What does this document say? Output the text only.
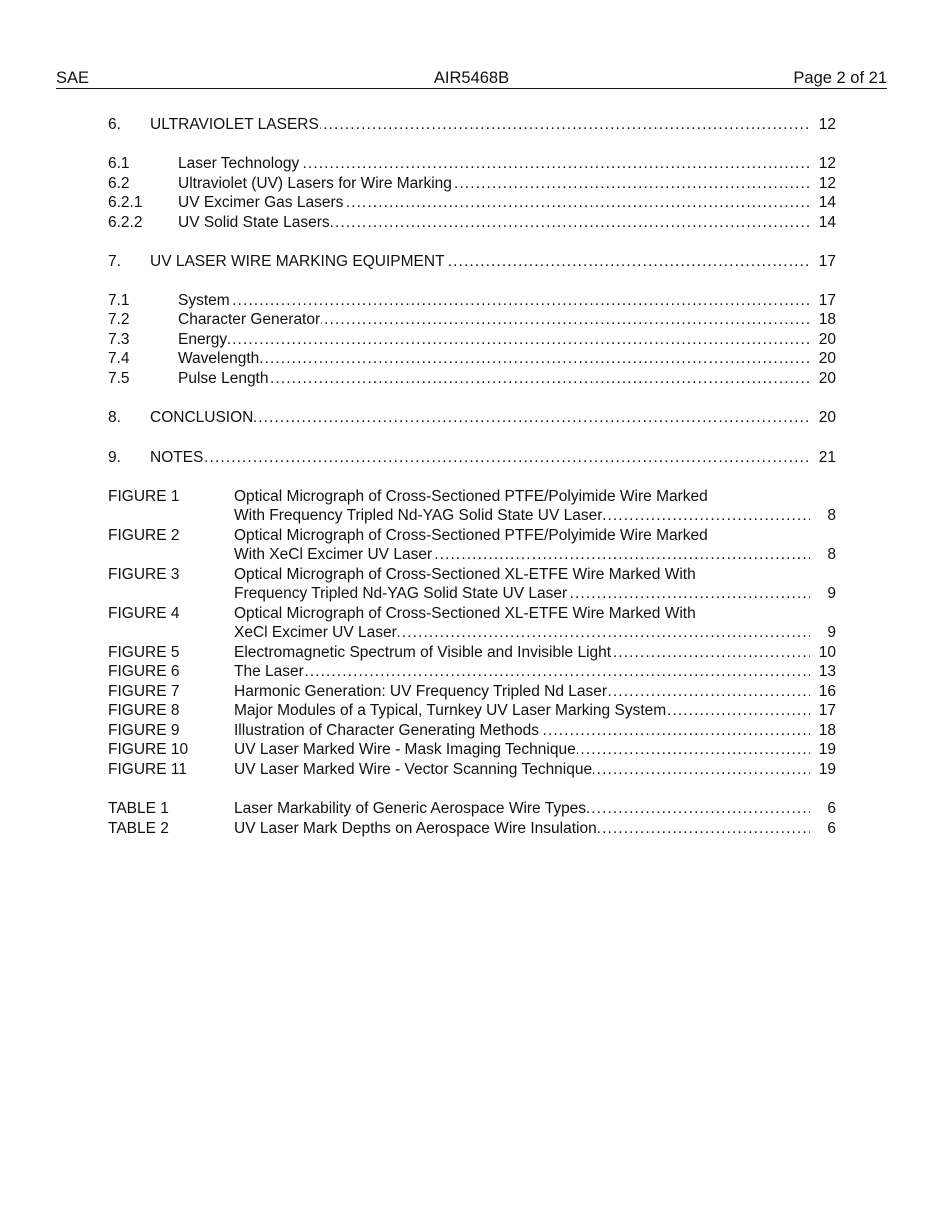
SAE	AIR5468B	Page 2 of 21
6. . . . ULTRAVIOLET LASERS	12
6.1 . . .	Laser Technology	12
6.2 . . .	Ultraviolet (UV) Lasers for Wire Marking	12
6.2.1 . . . UV Excimer Gas Lasers	14
6.2.2 . . . UV Solid State Lasers	14
7. . . . UV LASER WIRE MARKING EQUIPMENT	17
7.1 . . .	System	17
7.2 . . .	Character Generator	18
7.3 . . .	Energy	20
7.4 . . .	Wavelength	20
7.5 . . .	Pulse Length	20
8. . . . CONCLUSION	20
9. . . . NOTES	21
FIGURE 1	Optical Micrograph of Cross-Sectioned PTFE/Polyimide Wire Marked
. . .
With Frequency Tripled Nd-YAG Solid State UV Laser	8
FIGURE 2	Optical Micrograph of Cross-Sectioned PTFE/Polyimide Wire Marked
. . .
With XeCl Excimer UV Laser	8
FIGURE 3	Optical Micrograph of Cross-Sectioned XL-ETFE Wire Marked With
. . .
Frequency Tripled Nd-YAG Solid State UV Laser	9
FIGURE 4	Optical Micrograph of Cross-Sectioned XL-ETFE Wire Marked With
. . .
XeCl Excimer UV Laser	9
FIGURE 5 . . .	Electromagnetic Spectrum of Visible and Invisible Light	10
FIGURE 6 . . .	The Laser	13
FIGURE 7 . . .	Harmonic Generation: UV Frequency Tripled Nd Laser	16
FIGURE 8 . . .	Major Modules of a Typical, Turnkey UV Laser Marking System	17
FIGURE 9 . . .	Illustration of Character Generating Methods	18
FIGURE 10 . . .	UV Laser Marked Wire - Mask Imaging Technique	19
FIGURE 11 . . .	UV Laser Marked Wire - Vector Scanning Technique	19
TABLE 1 . . .	Laser Markability of Generic Aerospace Wire Types	6
TABLE 2 . . .	UV Laser Mark Depths on Aerospace Wire Insulation	6
